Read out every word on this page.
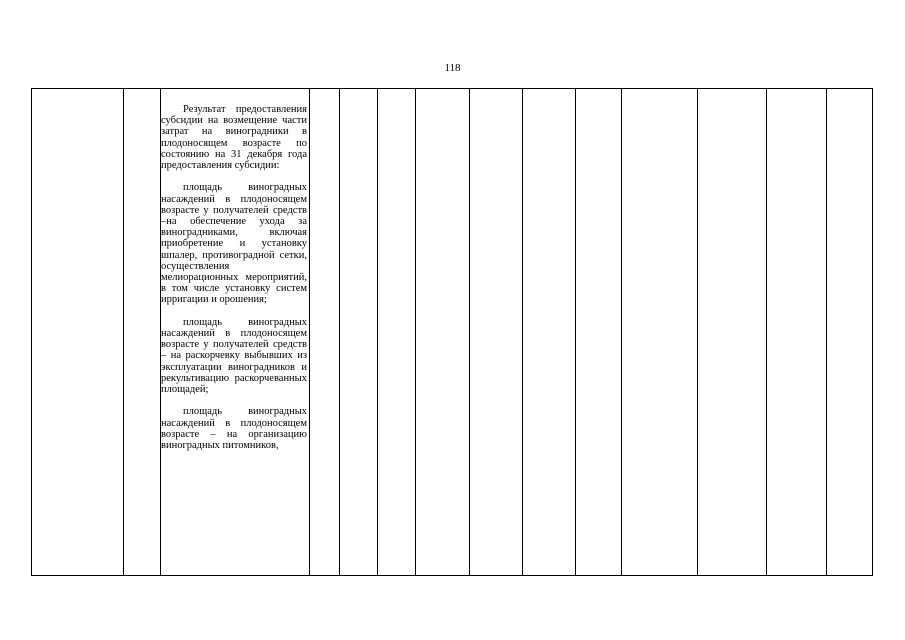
118

Результат предоставления субсидии на возмещение части затрат на виноградники в плодоносящем возрасте по состоянию на 31 декабря года предоставления субсидии:

площадь виноградных насаждений в плодоносящем возрасте у получателей средств –на обеспечение ухода за виноградниками, включая приобретение и установку шпалер, противоградной сетки, осуществления мелиорационных мероприятий, в том числе установку систем ирригации и орошения;

площадь виноградных насаждений в плодоносящем возрасте у получателей средств – на раскорчевку выбывших из эксплуатации виноградников и рекультивацию раскорчеванных площадей;

площадь виноградных насаждений в плодоносящем возрасте – на организацию виноградных питомников,
